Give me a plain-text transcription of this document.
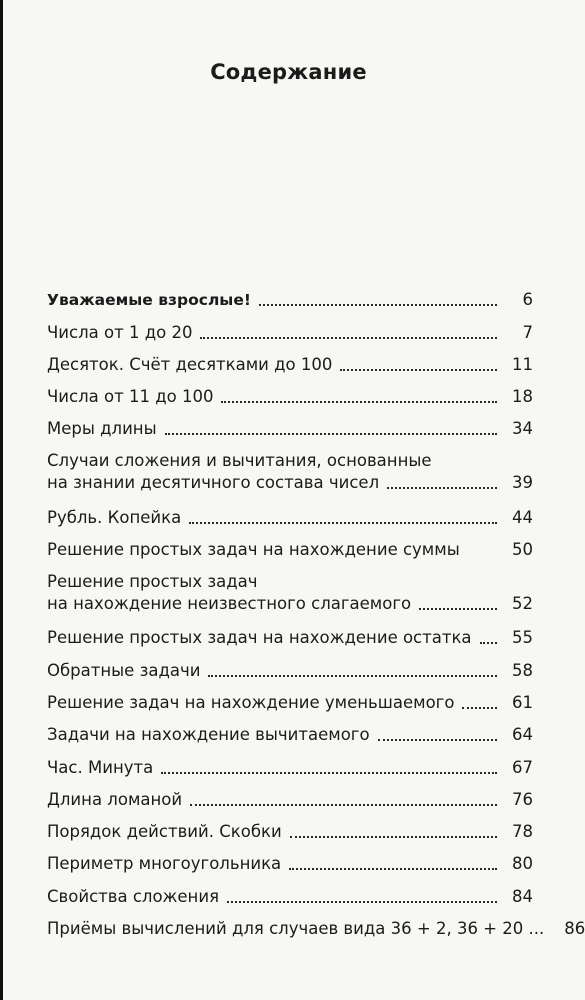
Содержание
Уважаемые взрослые!	6
Числа от 1 до 20	7
Десяток. Счёт десятками до 100	11
Числа от 11 до 100	18
Меры длины	34
Случаи сложения и вычитания, основанные
на знании десятичного состава чисел	39
Рубль. Копейка	44
Решение простых задач на нахождение суммы	50
Решение простых задач
на нахождение неизвестного слагаемого	52
Решение простых задач на нахождение остатка	55
Обратные задачи	58
Решение задач на нахождение уменьшаемого	61
Задачи на нахождение вычитаемого	64
Час. Минута	67
Длина ломаной	76
Порядок действий. Скобки	78
Периметр многоугольника	80
Свойства сложения	84
Приёмы вычислений для случаев вида 36 + 2, 36 + 20 ... 86
